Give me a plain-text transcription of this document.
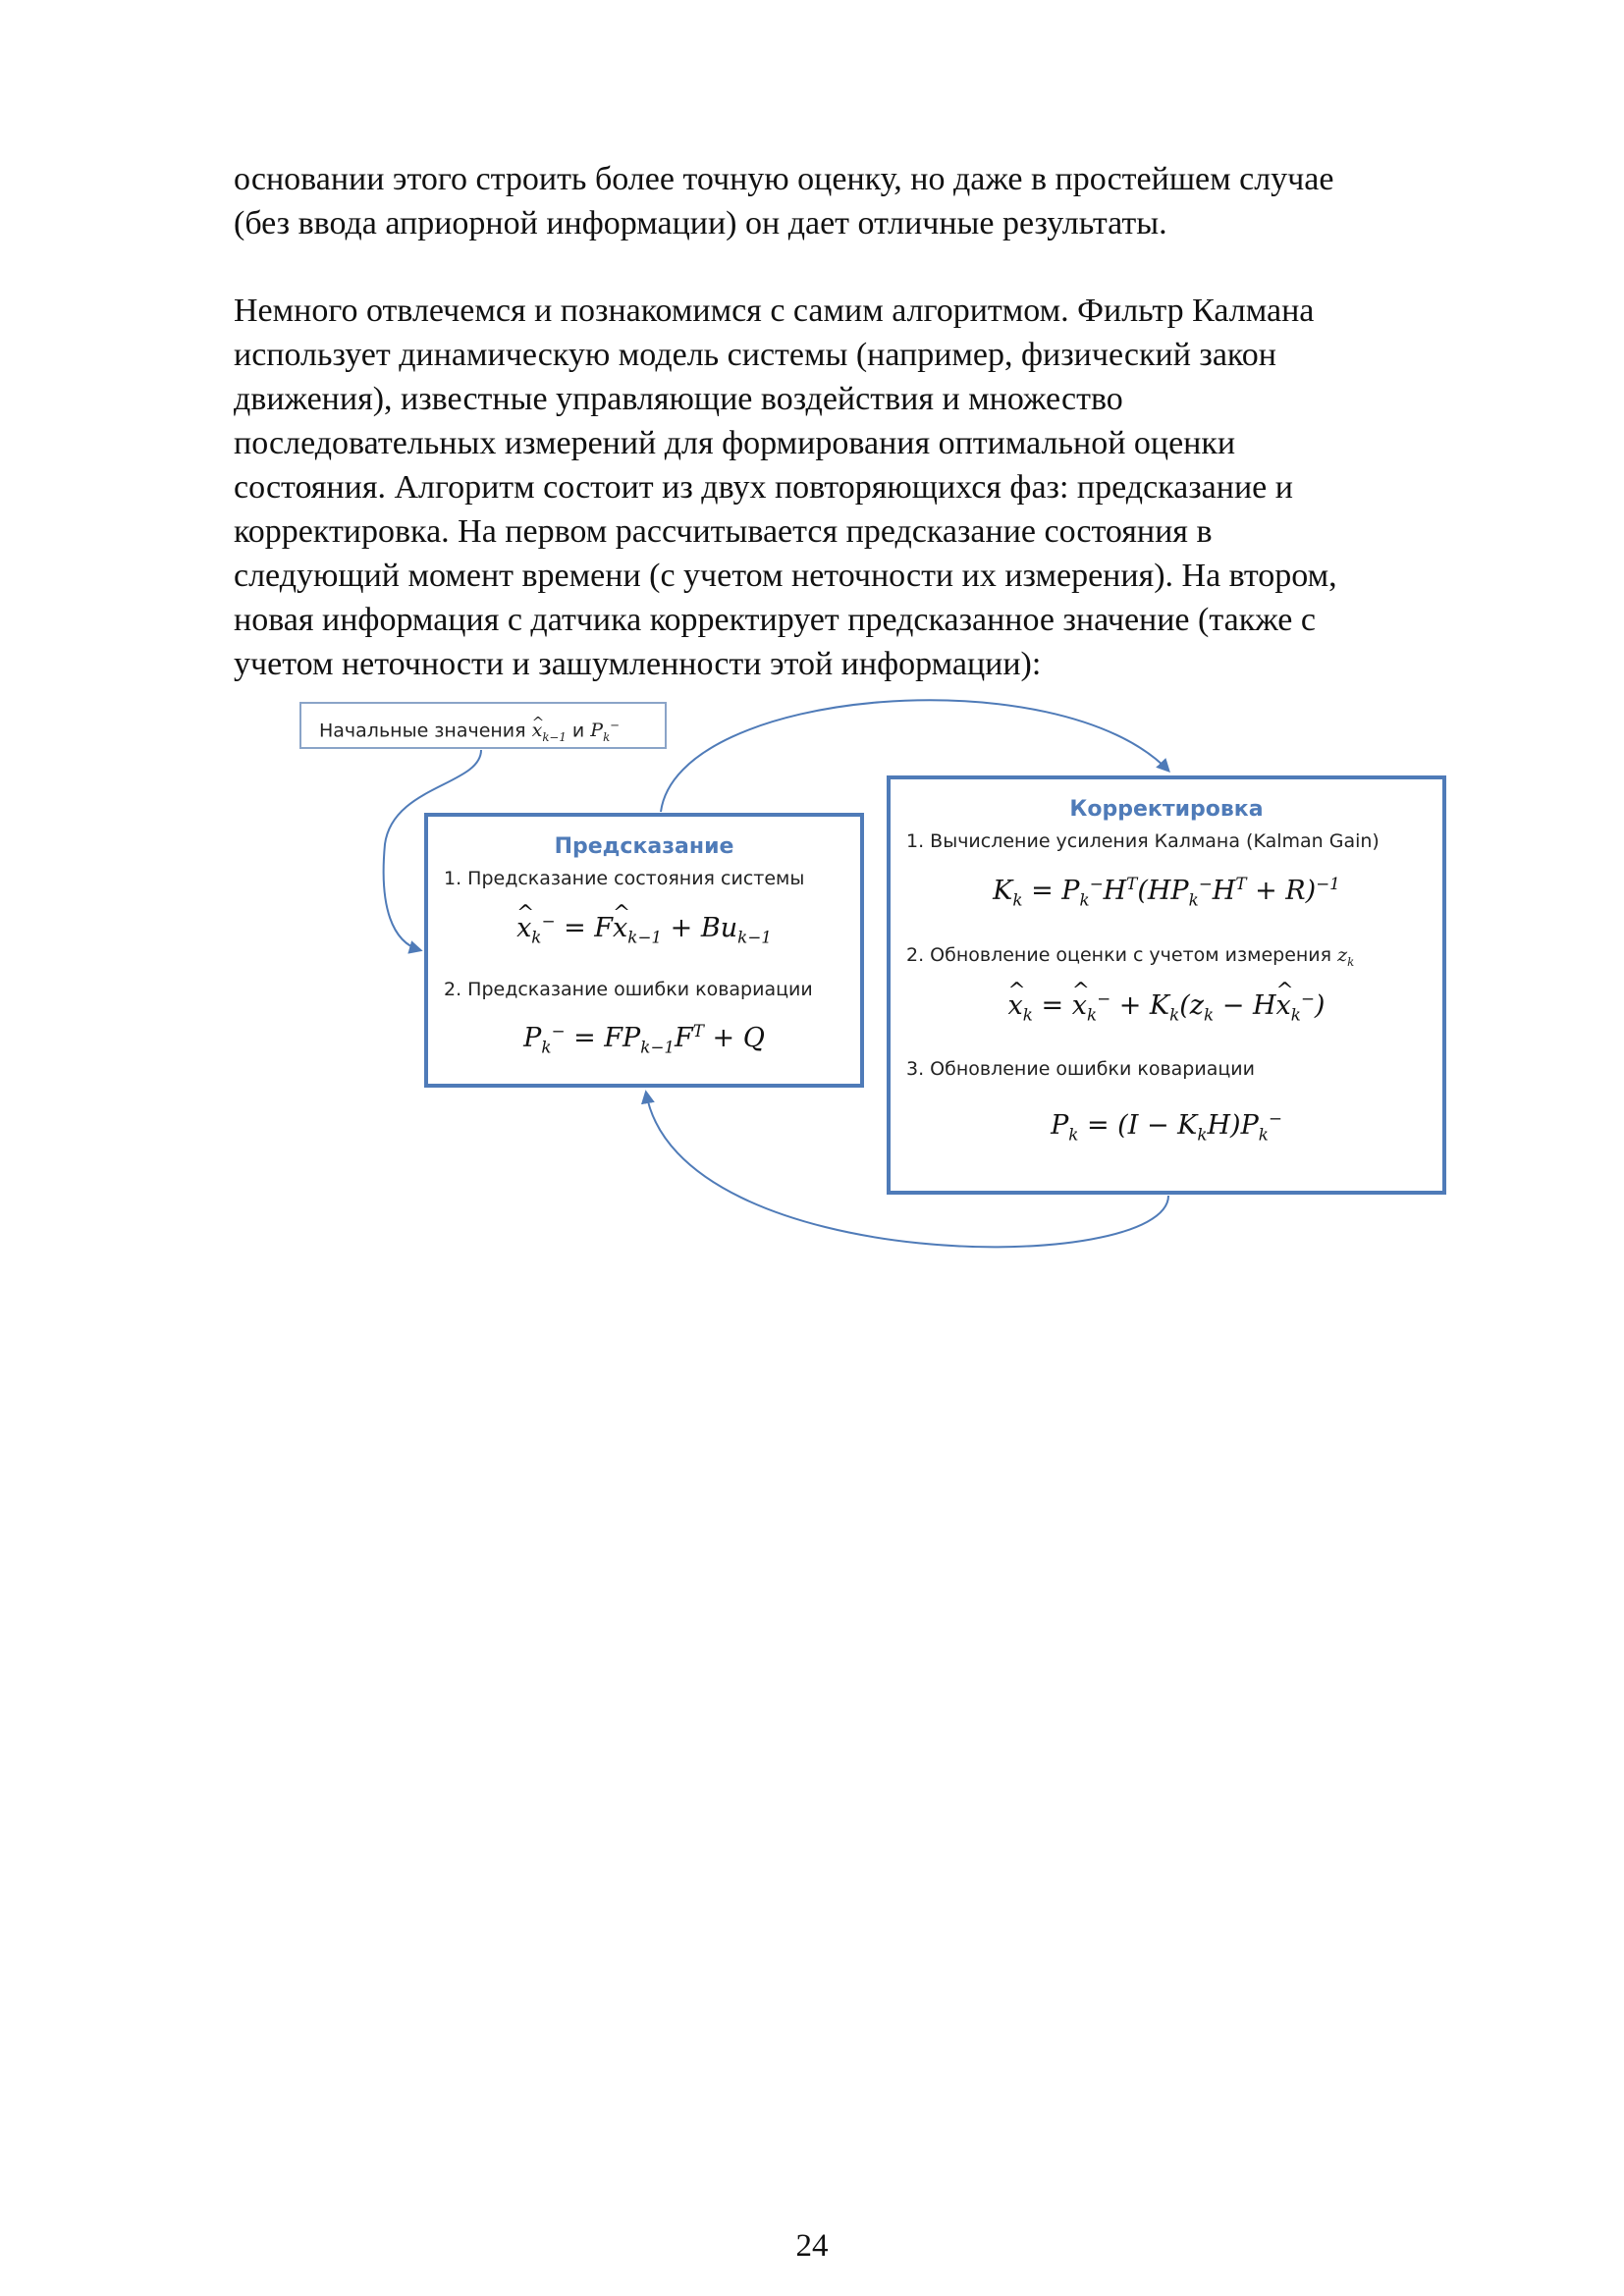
основании этого строить более точную оценку, но даже в простейшем случае
(без ввода априорной информации) он дает отличные результаты.
Немного отвлечемся и познакомимся с самим алгоритмом. Фильтр Калмана
использует динамическую модель системы (например, физический закон
движения), известные управляющие воздействия и множество
последовательных измерений для формирования оптимальной оценки
состояния. Алгоритм состоит из двух повторяющихся фаз: предсказание и
корректировка. На первом рассчитывается предсказание состояния в
следующий момент времени (с учетом неточности их измерения). На втором,
новая информация с датчика корректирует предсказанное значение (также с
учетом неточности и зашумленности этой информации):
Начальные значения ^ $x_{k-1}$ и $P_k^-$
Предсказание
1. Предсказание состояния системы
^ $x_k^-$ = F^ $x_{k-1} + Bu_{k-1}$
2. Предсказание ошибки ковариации
$P_k^- = FP_{k-1}F^T + Q$
Корректировка
1. Вычисление усиления Калмана (Kalman Gain)
$K_k = P_k^-H^T(HP_k^-H^T + R)^{-1}$
2. Обновление оценки с учетом измерения $z_k$
^ $x_k$ = ^ $x_k^- + K_k(z_k$ − H^ $x_k^-$)
3. Обновление ошибки ковариации
$P_k = (I - K_kH)P_k^-$
24
